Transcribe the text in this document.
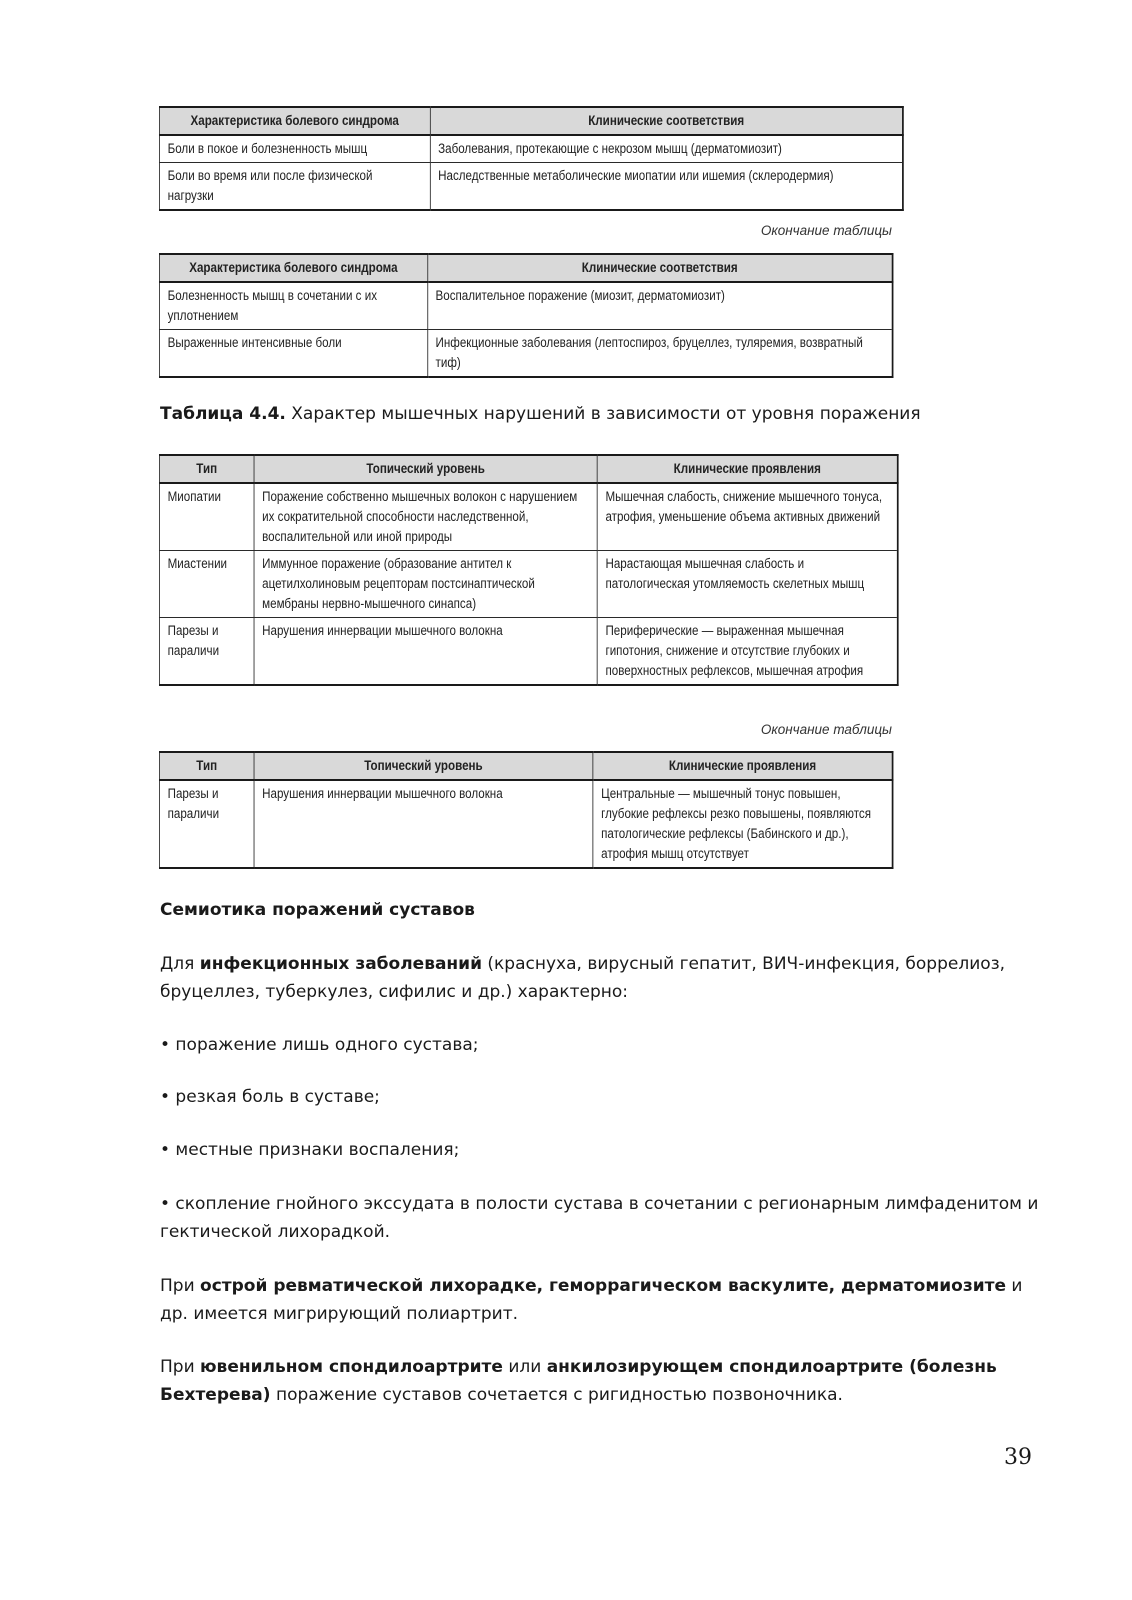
Характеристика болевого синдрома	Клинические соответствия
Боли в покое и болезненность мышц	Заболевания, протекающие с некрозом мышц (дерматомиозит)
Боли во время или после физической нагрузки	Наследственные метаболические миопатии или ишемия (склеродермия)
Окончание таблицы
Характеристика болевого синдрома	Клинические соответствия
Болезненность мышц в сочетании с их уплотнением	Воспалительное поражение (миозит, дерматомиозит)
Выраженные интенсивные боли	Инфекционные заболевания (лептоспироз, бруцеллез, туляремия, возвратный тиф)

Таблица 4.4. Характер мышечных нарушений в зависимости от уровня поражения

Тип	Топический уровень	Клинические проявления
Миопатии	Поражение собственно мышечных волокон с нарушением их сократительной способности наследственной, воспалительной или иной природы	Мышечная слабость, снижение мышечного тонуса, атрофия, уменьшение объема активных движений
Миастении	Иммунное поражение (образование антител к ацетилхолиновым рецепторам постсинаптической мембраны нервно-мышечного синапса)	Нарастающая мышечная слабость и патологическая утомляемость скелетных мышц
Парезы и параличи	Нарушения иннервации мышечного волокна	Периферические — выраженная мышечная гипотония, снижение и отсутствие глубоких и поверхностных рефлексов, мышечная атрофия
Окончание таблицы
Тип	Топический уровень	Клинические проявления
Парезы и параличи	Нарушения иннервации мышечного волокна	Центральные — мышечный тонус повышен, глубокие рефлексы резко повышены, появляются патологические рефлексы (Бабинского и др.), атрофия мышц отсутствует

Семиотика поражений суставов

Для инфекционных заболеваний (краснуха, вирусный гепатит, ВИЧ-инфекция, боррелиоз, бруцеллез, туберкулез, сифилис и др.) характерно:

• поражение лишь одного сустава;

• резкая боль в суставе;

• местные признаки воспаления;

• скопление гнойного экссудата в полости сустава в сочетании с регионарным лимфаденитом и гектической лихорадкой.

При острой ревматической лихорадке, геморрагическом васкулите, дерматомиозите и др. имеется мигрирующий полиартрит.

При ювенильном спондилоартрите или анкилозирующем спондилоартрите (болезнь Бехтерева) поражение суставов сочетается с ригидностью позвоночника.

39
